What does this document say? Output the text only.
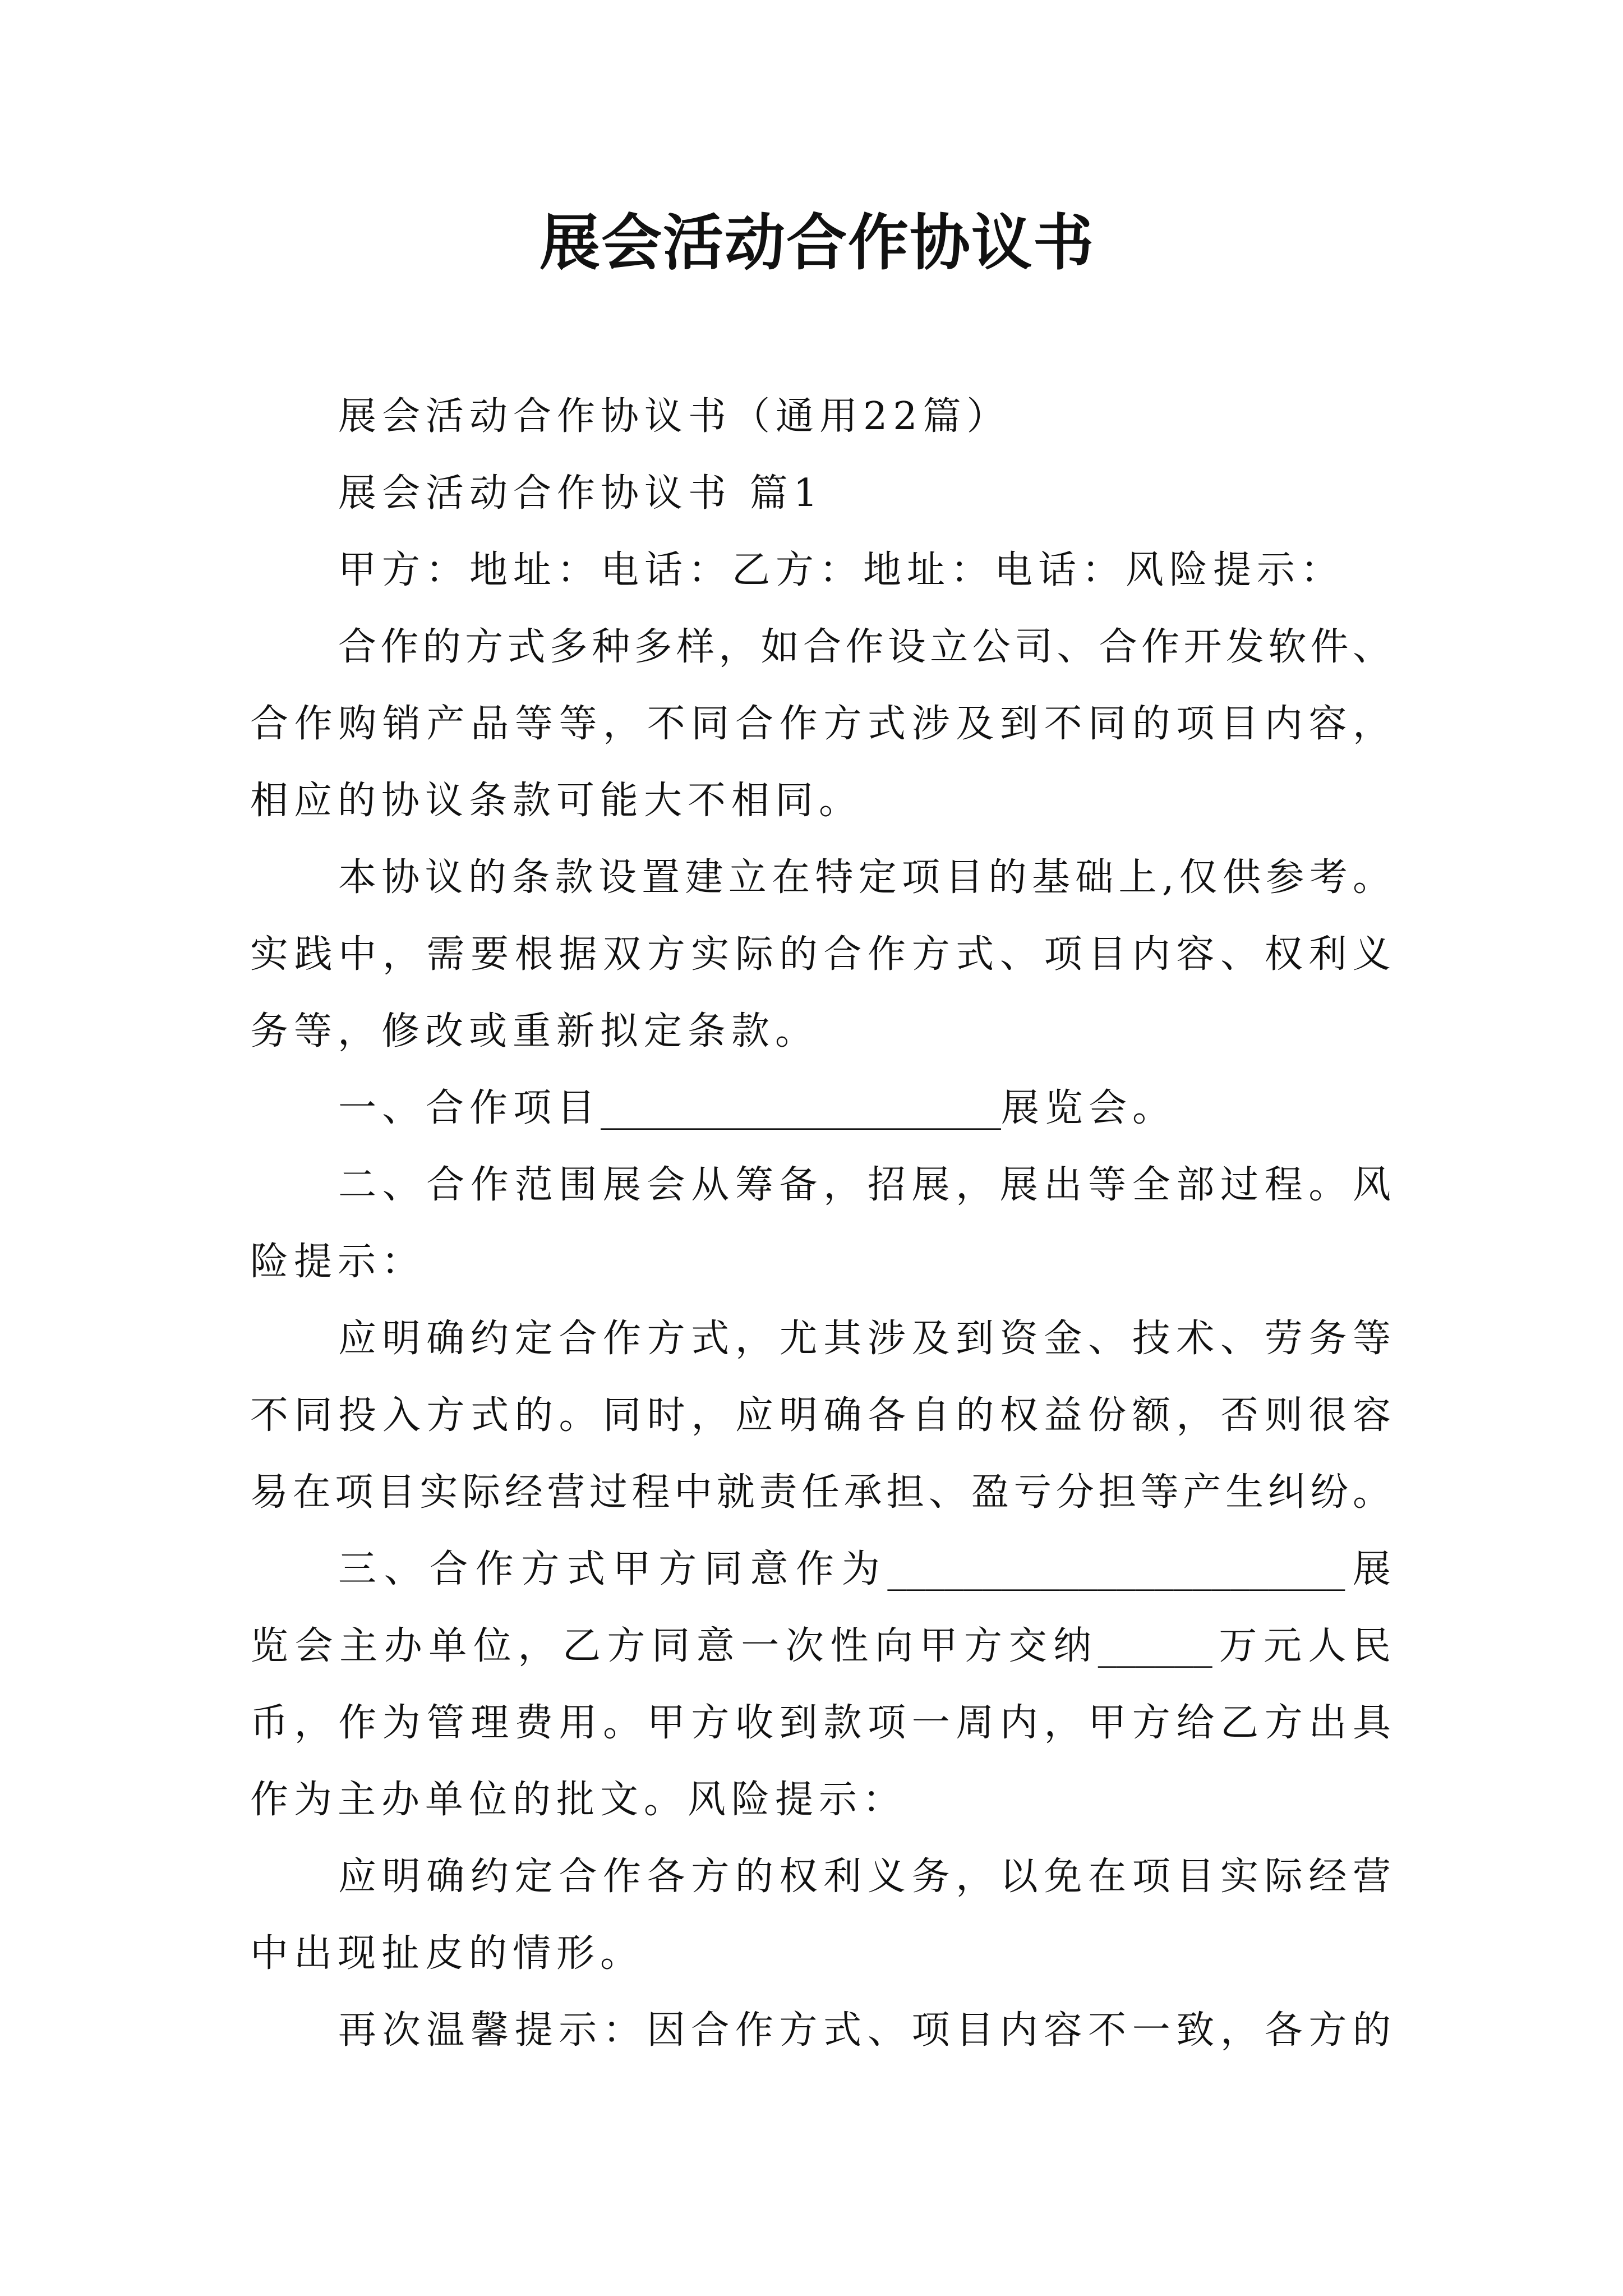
展会活动合作协议书
展会活动合作协议书（通用22篇）
展会活动合作协议书 篇1
甲方：地址：电话：乙方：地址：电话：风险提示：
合作的方式多种多样，如合作设立公司、合作开发软件、
合作购销产品等等，不同合作方式涉及到不同的项目内容，
相应的协议条款可能大不相同。
本协议的条款设置建立在特定项目的基础上,仅供参考。
实践中，需要根据双方实际的合作方式、项目内容、权利义
务等，修改或重新拟定条款。
一、合作项目_____________________展览会。
二、合作范围展会从筹备，招展，展出等全部过程。风
险提示：
应明确约定合作方式，尤其涉及到资金、技术、劳务等
不同投入方式的。同时，应明确各自的权益份额，否则很容
易在项目实际经营过程中就责任承担、盈亏分担等产生纠纷。
三、合作方式甲方同意作为________________________展
览会主办单位，乙方同意一次性向甲方交纳______万元人民
币，作为管理费用。甲方收到款项一周内，甲方给乙方出具
作为主办单位的批文。风险提示：
应明确约定合作各方的权利义务，以免在项目实际经营
中出现扯皮的情形。
再次温馨提示：因合作方式、项目内容不一致，各方的
